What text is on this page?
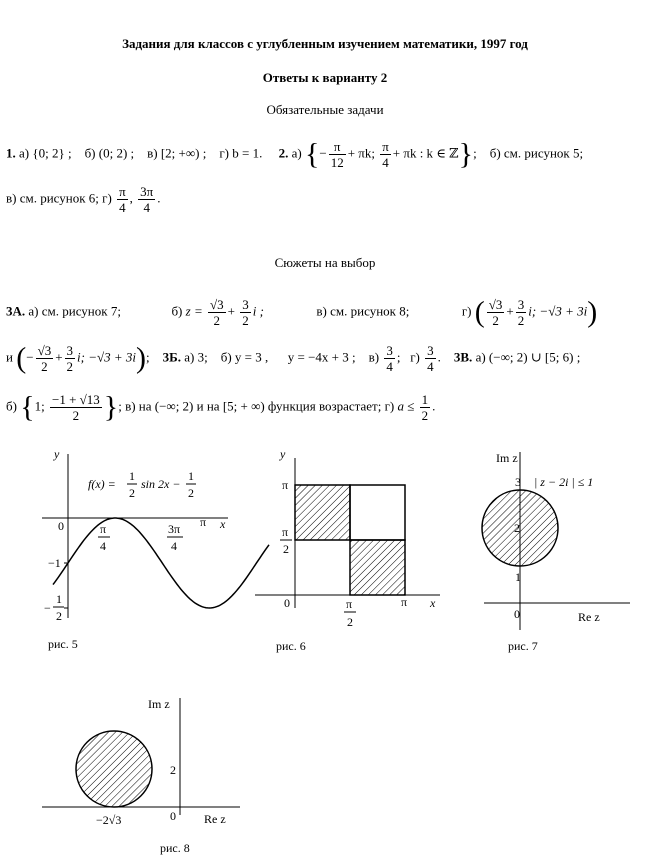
Задания для классов с углубленным изучением математики, 1997 год
Ответы к варианту 2
Обязательные задачи
1. а) {0; 2} ; б) (0; 2) ; в) [2; +∞) ; г) b = 1. 2. а) {− $\frac{\pi}{12} + \pi k$; $\frac{\pi}{4} + \pi k$ : k ∈ ℤ};    б) см. рисунок 5;
в) см. рисунок 6; $г) \frac{\pi}{4}$ , $\frac{3\pi}{4}$ .
Сюжеты на выбор
3А. а) см. рисунок 7;	б) $z = \frac{√3}{2} + \frac{3}{2}$ i ;	в) см. рисунок 8;	г) ( $\frac{√3}{2} + \frac{3}{2} i$; −√3 + 3i)
и (− $\frac{√3}{2} + \frac{3}{2} i$; −√3 + 3i);    3Б. а) 3; б) y = 3 , y = −4x + 3 ; $в) \frac{3}{4}$ ;   $г) \frac{3}{4}$ .    3В. а) (−∞; 2) ∪ [5; 6) ;
б) {1; $\frac{-1 + √13}{2}$ }; в) на (−∞; 2) и на [5; + ∞) функция возрастает; г) $a \le \frac{1}{2}$ .
y
x
0
−1
π
π
4
3π
4
−
1
2
f(x) =
1
2
sin 2x −
1
2
рис. 5
y
x
0
π
π
2
π
2
π
рис. 6
Im z
Re z
0
3
2
1
| z − 2i | ≤ 1
рис. 7
Im z
Re z
0
2
−2√3
рис. 8
